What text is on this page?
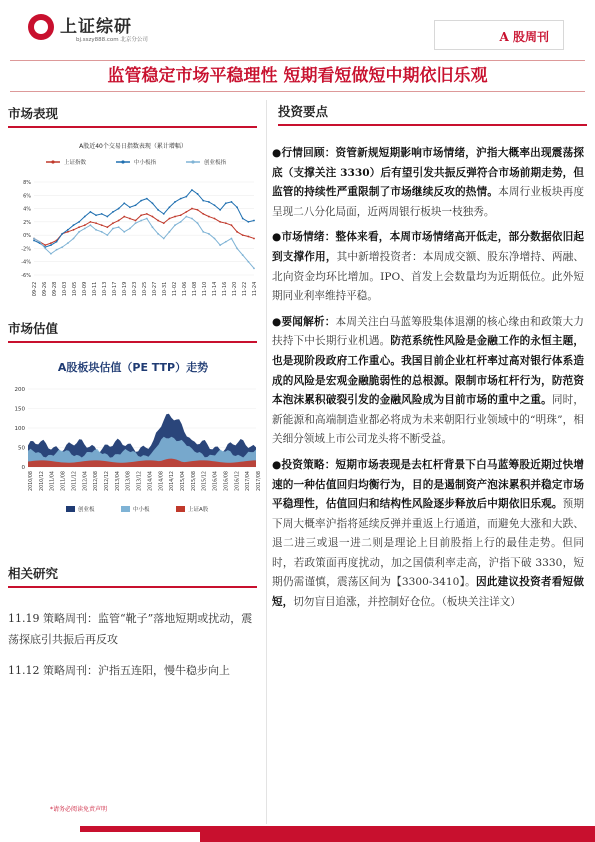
上证综研
bj.sszy888.com 北京分公司	A 股周刊
监管稳定市场平稳理性 短期看短做短中期依旧乐观
市场表现
A股近40个交易日指数表现（累计增幅）
上证指数	中小板指	创业板指
8%
6%
4%
2%
0%
-2%
-4%
-6%
09-22 09-26 09-28 10-03 10-05 10-09 10-11 10-13 10-17 10-19 10-23 10-25 10-27 10-31 11-02 11-06 11-08 11-10 11-14 11-16 11-20 11-22 11-24
市场估值
A股板块估值（PE TTP）走势
200
150
100
50
0
2010/08 2010/12 2011/04 2011/08 2011/12 2012/04 2012/08 2012/12 2013/04 2013/08 2013/12 2014/04 2014/08 2014/12 2015/04 2015/08 2015/12 2016/04 2016/08 2016/12 2017/04 2017/08
创业板	中小板	上证A股
相关研究

11.19 策略周刊：监管“靴子”落地短期或扰动，震荡探底引共振后再反攻

11.12 策略周刊：沪指五连阳，慢牛稳步向上

*请务必阅读免责声明
投资要点

●行情回顾：资管新规短期影响市场情绪，沪指大概率出现震荡探底（支撑关注 3330）后有望引发共振反弹符合市场前期走势，但监管的持续性严重限制了市场继续反攻的热情。本周行业板块再度呈现二八分化局面，近两周银行板块一枝独秀。

●市场情绪：整体来看，本周市场情绪高开低走，部分数据依旧起到支撑作用，其中新增投资者：本周成交额、股东净增持、两融、北向资金均环比增加。IPO、首发上会数量均为近期低位。此外短期同业利率维持平稳。

●要闻解析：本周关注白马蓝筹股集体退潮的核心缘由和政策大力扶持下中长期行业机遇。防范系统性风险是金融工作的永恒主题，也是现阶段政府工作重心。我国目前企业杠杆率过高对银行体系造成的风险是宏观金融脆弱性的总根源。限制市场杠杆行为，防范资本泡沫累积破裂引发的金融风险成为目前市场的重中之重。同时，新能源和高端制造业都必将成为未来朝阳行业领域中的“明珠”，相关细分领域上市公司龙头将不断受益。

●投资策略：短期市场表现是去杠杆背景下白马蓝筹股近期过快增速的一种估值回归均衡行为，目的是遏制资产泡沫累积并稳定市场平稳理性，估值回归和结构性风险逐步释放后中期依旧乐观。预期下周大概率沪指将延续反弹并重返上行通道，而避免大涨和大跌、退二进三或退一进二则是理论上目前股指上行的最佳走势。但同时，若政策面再度扰动，加之国债利率走高，沪指下破 3330，短期仍需谨慎，震荡区间为【3300-3410】。因此建议投资者看短做短，切勿盲目追涨，并控制好仓位。（板块关注详文）
